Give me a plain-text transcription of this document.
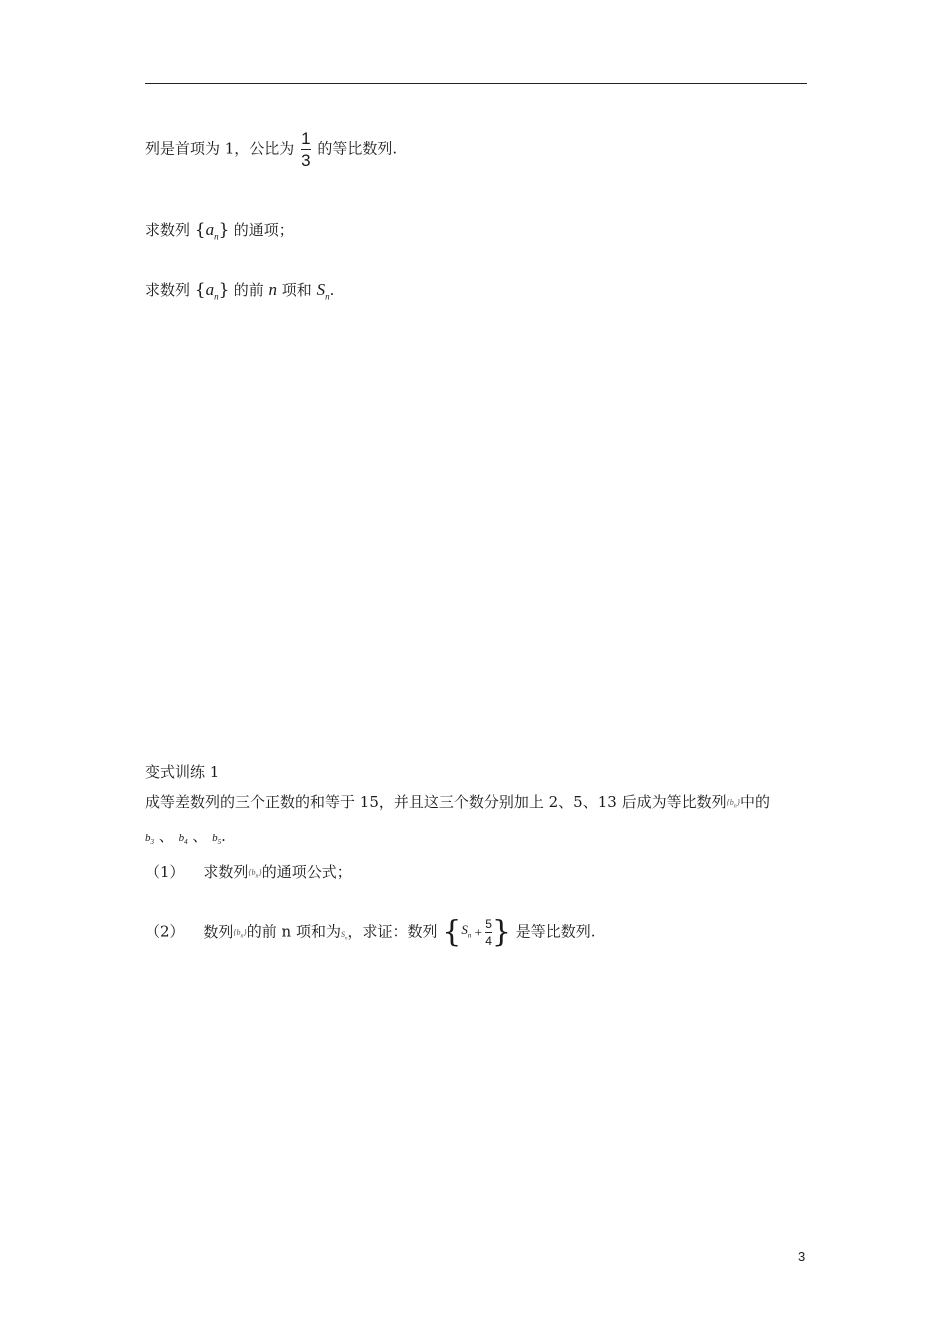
列是首项为 1，公比为 $\frac{1}{3}$ 的等比数列.
求数列 $\{a_n\}$ 的通项；
求数列 $\{a_n\}$ 的前 n 项和 $S_n$.
变式训练 1
成等差数列的三个正数的和等于 15，并且这三个数分别加上 2、5、13 后成为等比数列$\{b_n\}$中的
$b_3$ 、 $b_4$ 、 $b_5$.
（1） 求数列$\{b_n\}$的通项公式；
（2） 数列$\{b_n\}$的前 n 项和为$S_n$，求证：数列 {$S_n + \frac{5}{4}$ } 是等比数列.
3
